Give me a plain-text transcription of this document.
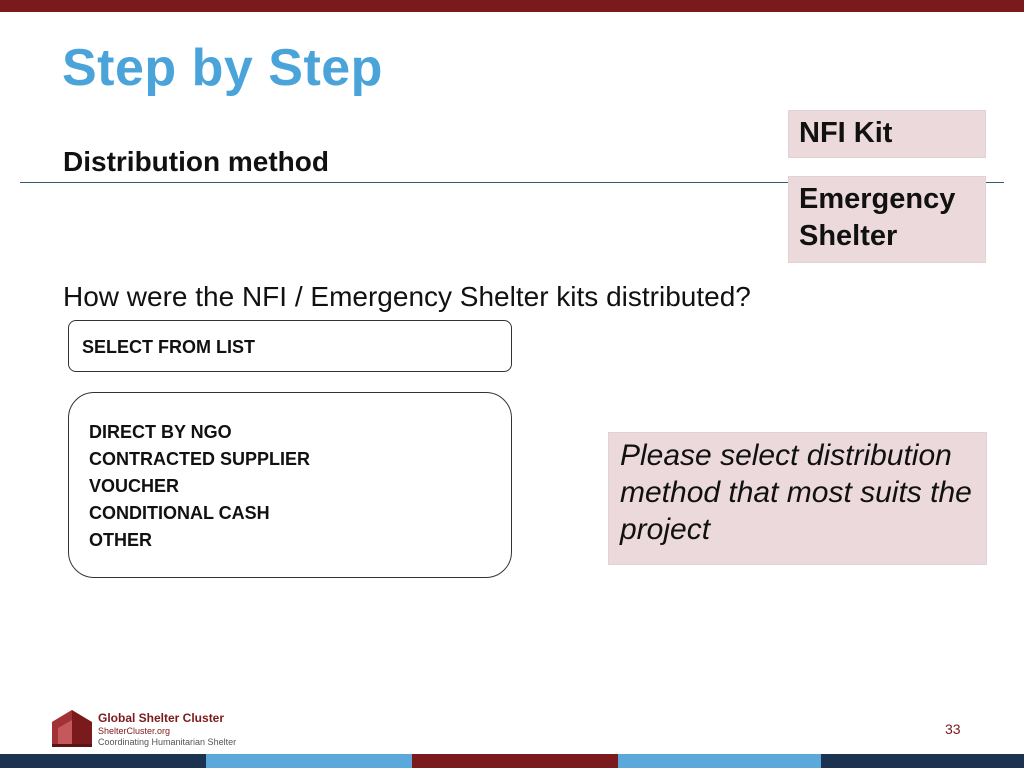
Step by Step
Distribution method
NFI Kit
Emergency Shelter

How were the NFI / Emergency Shelter kits distributed?

SELECT FROM LIST
DIRECT BY NGO
CONTRACTED SUPPLIER
VOUCHER
CONDITIONAL CASH
OTHER
Please select distribution method that most suits the project
Global Shelter Cluster
ShelterCluster.org
Coordinating Humanitarian Shelter
33
